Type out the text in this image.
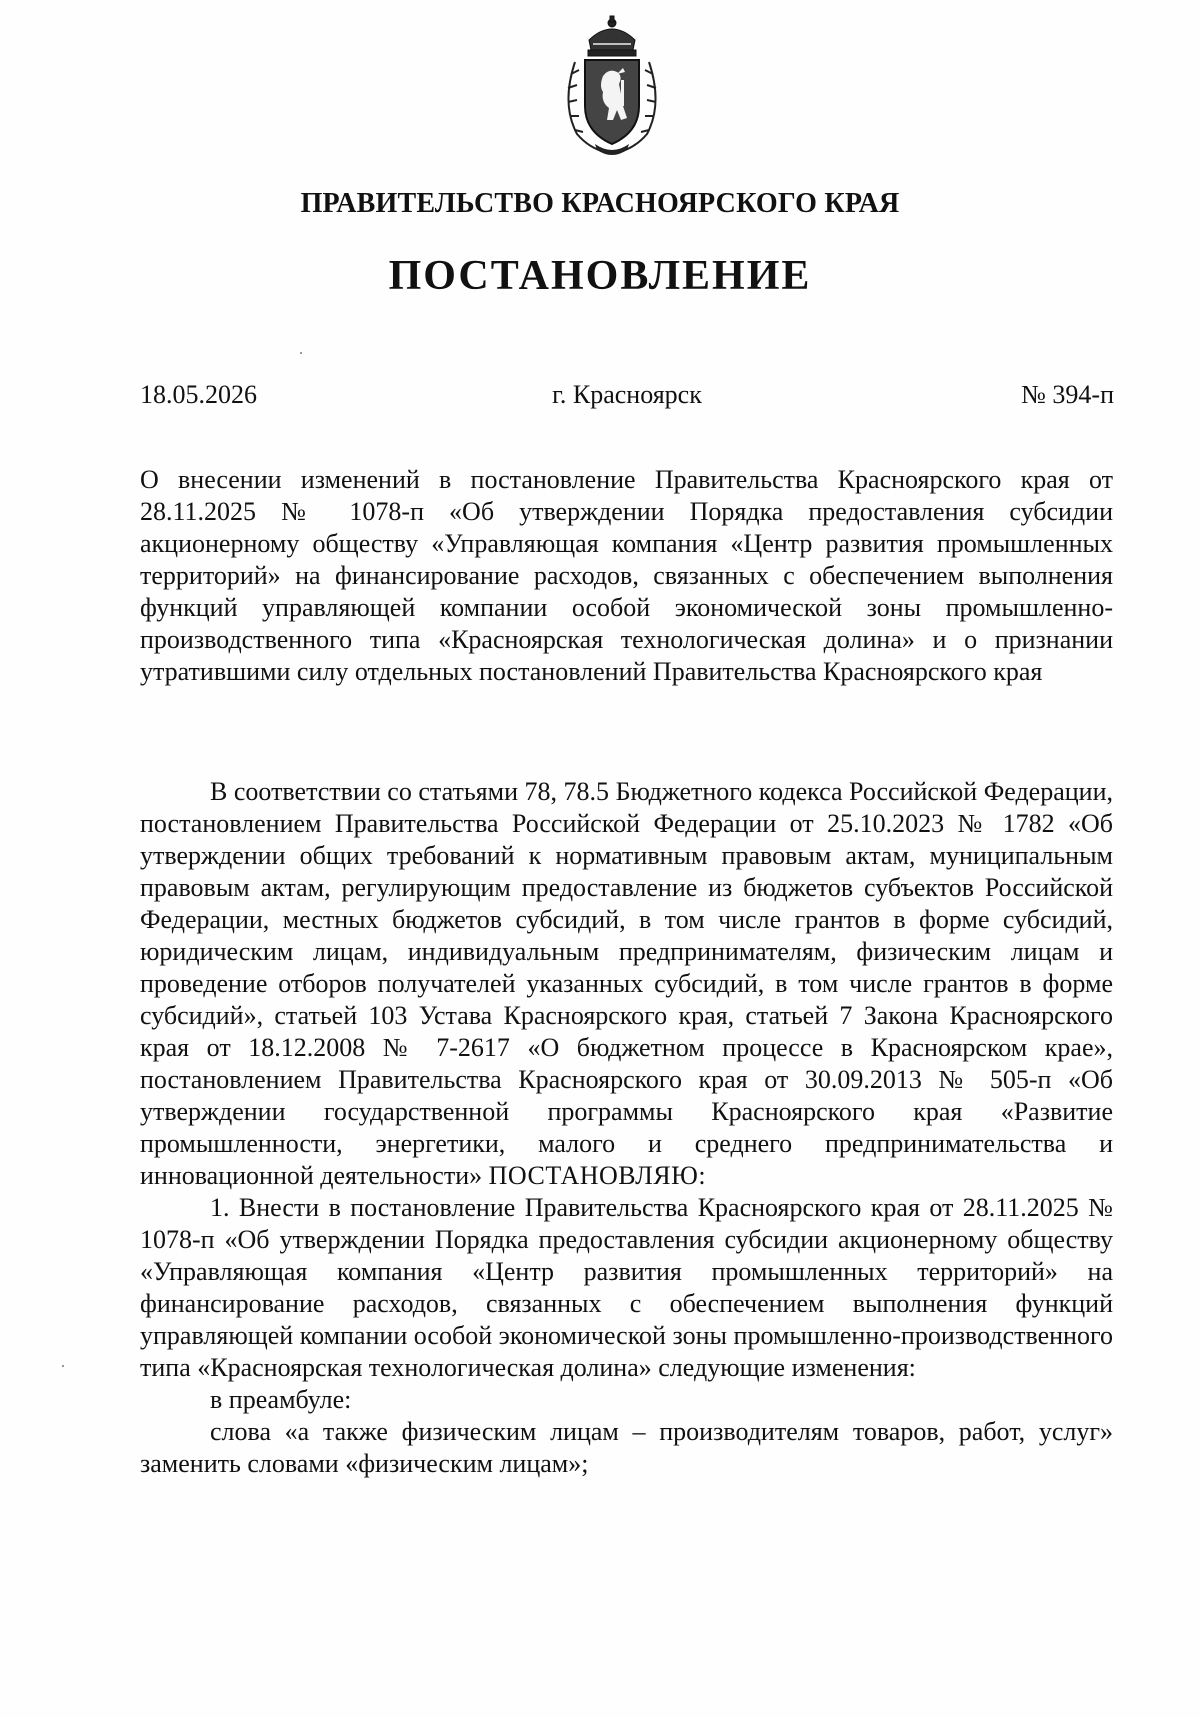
ПРАВИТЕЛЬСТВО КРАСНОЯРСКОГО КРАЯ
ПОСТАНОВЛЕНИЕ
18.05.2026	г. Красноярск	№ 394-п

О внесении изменений в постановление Правительства Красноярского края от 28.11.2025 № 1078-п «Об утверждении Порядка предоставления субсидии акционерному обществу «Управляющая компания «Центр развития промышленных территорий» на финансирование расходов, связанных с обеспечением выполнения функций управляющей компании особой экономической зоны промышленно-производственного типа «Красноярская технологическая долина» и о признании утратившими силу отдельных постановлений Правительства Красноярского края

В соответствии со статьями 78, 78.5 Бюджетного кодекса Российской Федерации, постановлением Правительства Российской Федерации от 25.10.2023 № 1782 «Об утверждении общих требований к нормативным правовым актам, муниципальным правовым актам, регулирующим предоставление из бюджетов субъектов Российской Федерации, местных бюджетов субсидий, в том числе грантов в форме субсидий, юридическим лицам, индивидуальным предпринимателям, физическим лицам и проведение отборов получателей указанных субсидий, в том числе грантов в форме субсидий», статьей 103 Устава Красноярского края, статьей 7 Закона Красноярского края от 18.12.2008 № 7-2617 «О бюджетном процессе в Красноярском крае», постановлением Правительства Красноярского края от 30.09.2013 № 505-п «Об утверждении государственной программы Красноярского края «Развитие промышленности, энергетики, малого и среднего предпринимательства и инновационной деятельности» ПОСТАНОВЛЯЮ:

1. Внести в постановление Правительства Красноярского края от 28.11.2025 № 1078-п «Об утверждении Порядка предоставления субсидии акционерному обществу «Управляющая компания «Центр развития промышленных территорий» на финансирование расходов, связанных с обеспечением выполнения функций управляющей компании особой экономической зоны промышленно-производственного типа «Красноярская технологическая долина» следующие изменения:

в преамбуле:

слова «а также физическим лицам – производителям товаров, работ, услуг» заменить словами «физическим лицам»;
